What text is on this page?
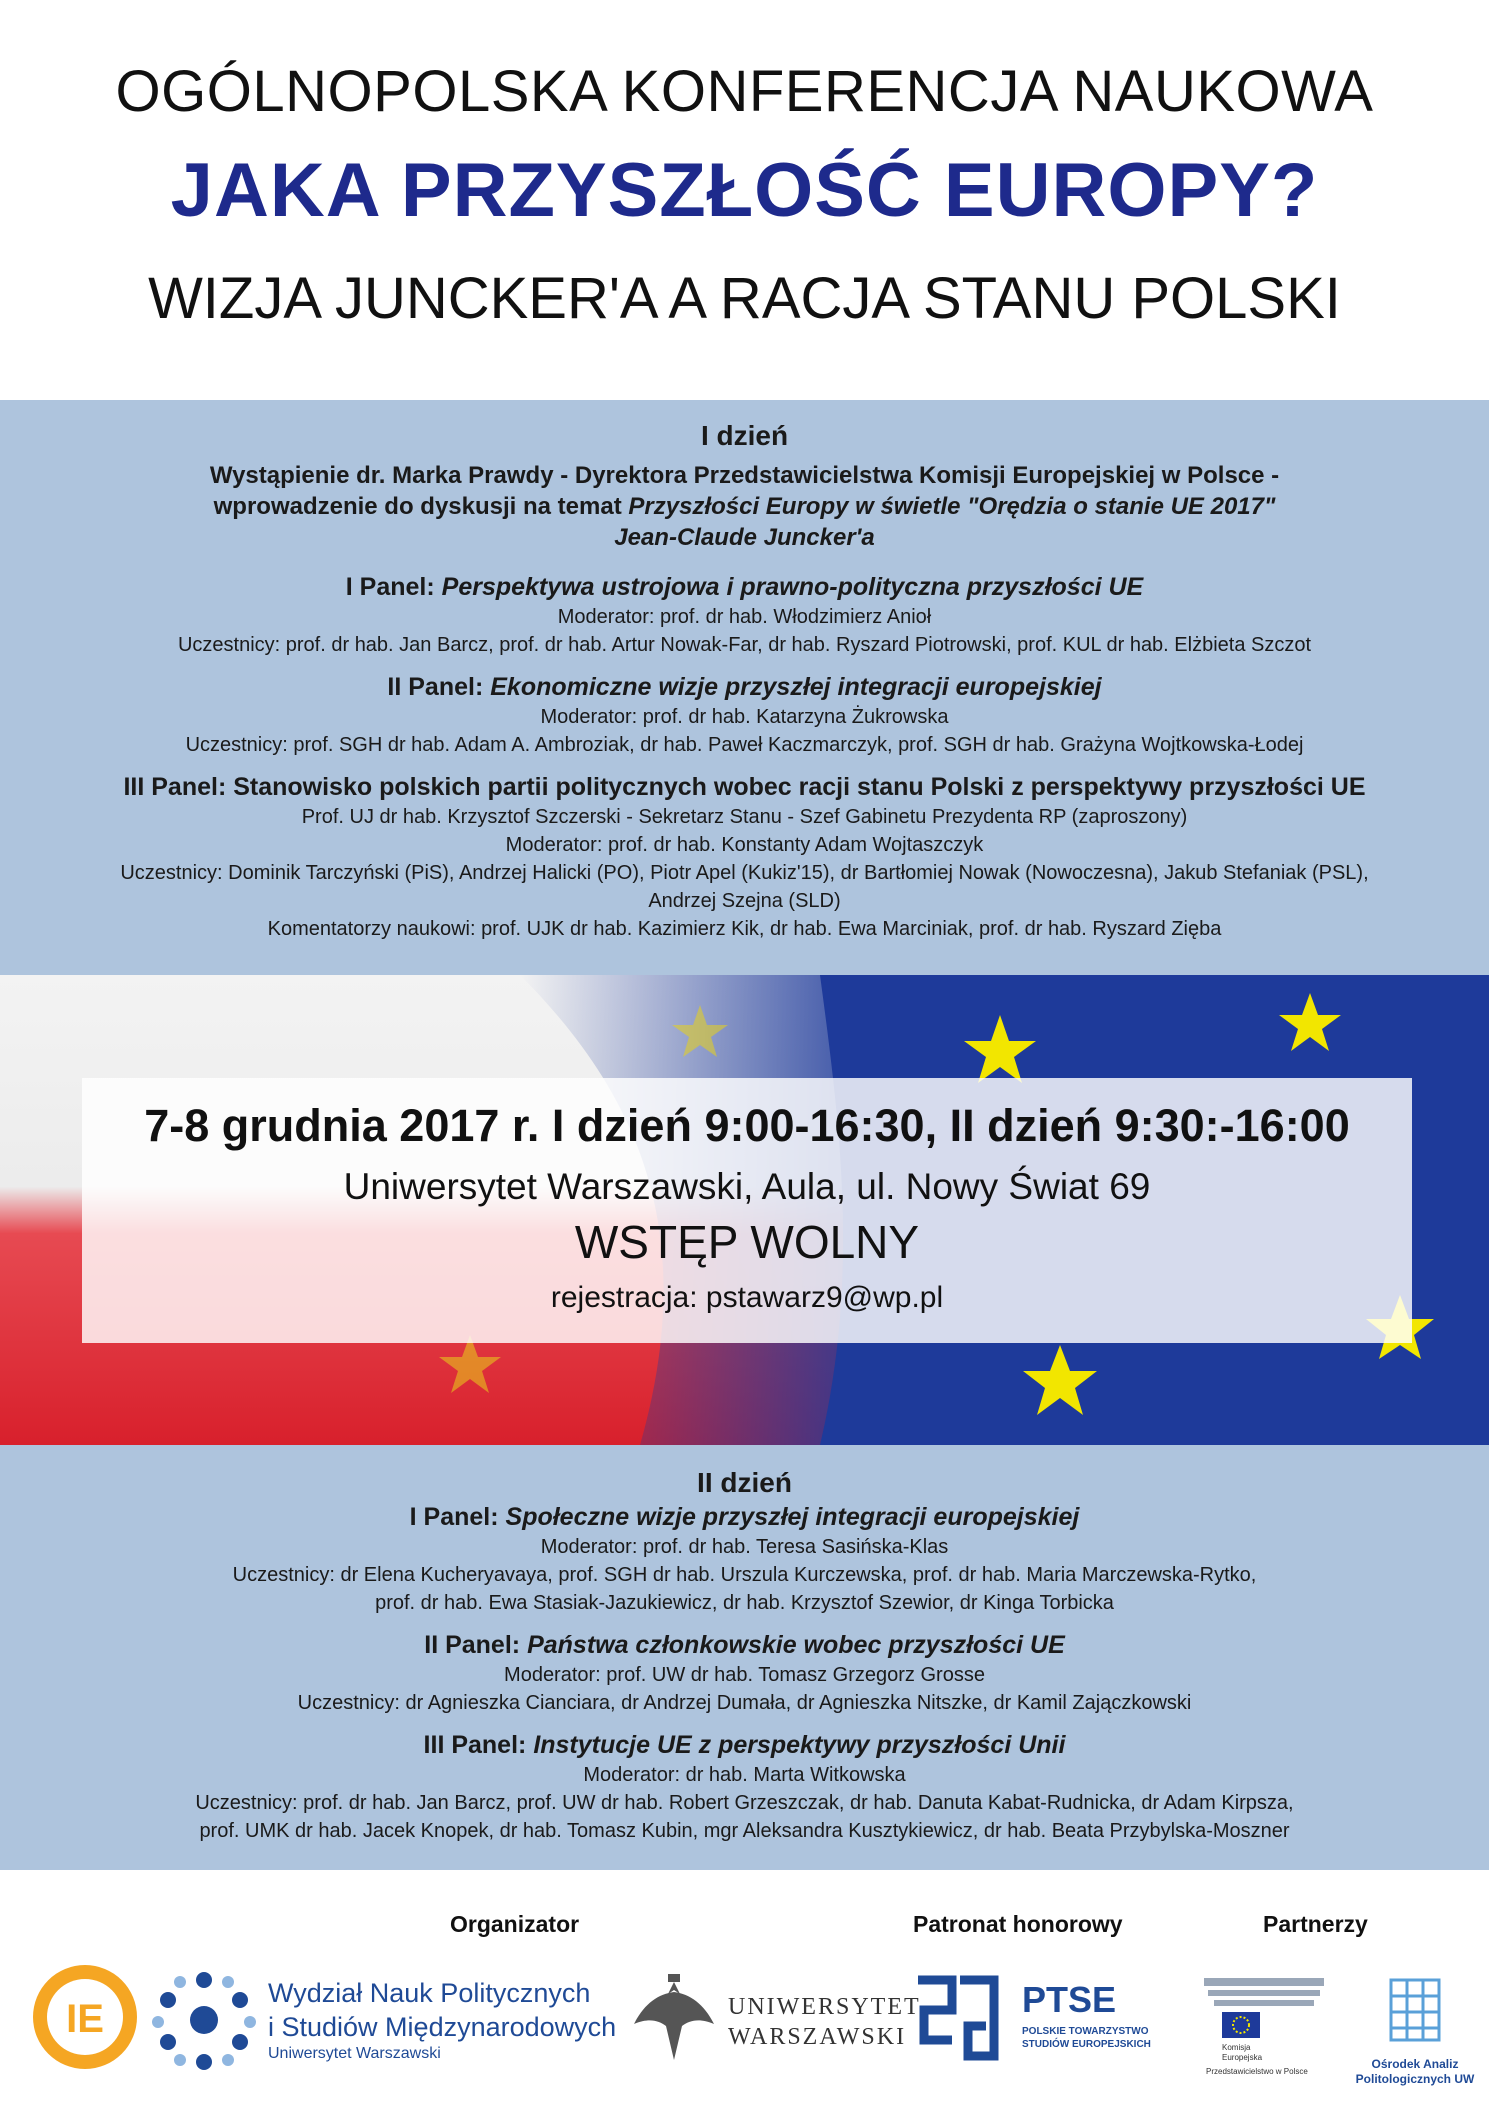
OGÓLNOPOLSKA KONFERENCJA NAUKOWA
JAKA PRZYSZŁOŚĆ EUROPY?
WIZJA JUNCKER'A A RACJA STANU POLSKI
I dzień
Wystąpienie dr. Marka Prawdy - Dyrektora Przedstawicielstwa Komisji Europejskiej w Polsce -
wprowadzenie do dyskusji na temat Przyszłości Europy w świetle "Orędzia o stanie UE 2017"
Jean-Claude Juncker'a
I Panel: Perspektywa ustrojowa i prawno-polityczna przyszłości UE
Moderator: prof. dr hab. Włodzimierz Anioł
Uczestnicy: prof. dr hab. Jan Barcz, prof. dr hab. Artur Nowak-Far, dr hab. Ryszard Piotrowski, prof. KUL dr hab. Elżbieta Szczot
II Panel: Ekonomiczne wizje przyszłej integracji europejskiej
Moderator: prof. dr hab. Katarzyna Żukrowska
Uczestnicy: prof. SGH dr hab. Adam A. Ambroziak, dr hab. Paweł Kaczmarczyk, prof. SGH dr hab. Grażyna Wojtkowska-Łodej
III Panel: Stanowisko polskich partii politycznych wobec racji stanu Polski z perspektywy przyszłości UE
Prof. UJ dr hab. Krzysztof Szczerski - Sekretarz Stanu - Szef Gabinetu Prezydenta RP (zaproszony)
Moderator: prof. dr hab. Konstanty Adam Wojtaszczyk
Uczestnicy: Dominik Tarczyński (PiS), Andrzej Halicki (PO), Piotr Apel (Kukiz'15), dr Bartłomiej Nowak (Nowoczesna), Jakub Stefaniak (PSL),
Andrzej Szejna (SLD)
Komentatorzy naukowi: prof. UJK dr hab. Kazimierz Kik, dr hab. Ewa Marciniak, prof. dr hab. Ryszard Zięba
7-8 grudnia 2017 r. I dzień 9:00-16:30, II dzień 9:30:-16:00
Uniwersytet Warszawski, Aula, ul. Nowy Świat 69
WSTĘP WOLNY
rejestracja: pstawarz9@wp.pl
II dzień
I Panel: Społeczne wizje przyszłej integracji europejskiej
Moderator: prof. dr hab. Teresa Sasińska-Klas
Uczestnicy: dr Elena Kucheryavaya, prof. SGH dr hab. Urszula Kurczewska, prof. dr hab. Maria Marczewska-Rytko,
prof. dr hab. Ewa Stasiak-Jazukiewicz, dr hab. Krzysztof Szewior, dr Kinga Torbicka
II Panel: Państwa członkowskie wobec przyszłości UE
Moderator: prof. UW dr hab. Tomasz Grzegorz Grosse
Uczestnicy: dr Agnieszka Cianciara, dr Andrzej Dumała, dr Agnieszka Nitszke, dr Kamil Zajączkowski
III Panel: Instytucje UE z perspektywy przyszłości Unii
Moderator: dr hab. Marta Witkowska
Uczestnicy: prof. dr hab. Jan Barcz, prof. UW dr hab. Robert Grzeszczak, dr hab. Danuta Kabat-Rudnicka, dr Adam Kirpsza,
prof. UMK dr hab. Jacek Knopek, dr hab. Tomasz Kubin, mgr Aleksandra Kusztykiewicz, dr hab. Beata Przybylska-Moszner
Organizator	Patronat honorowy	Partnerzy
IE
Wydział Nauk Politycznych
i Studiów Międzynarodowych
Uniwersytet Warszawski
UNIWERSYTET
WARSZAWSKI
PTSE
POLSKIE TOWARZYSTWO
STUDIÓW EUROPEJSKICH	Komisja
Europejska
Przedstawicielstwo w Polsce
Ośrodek Analiz
Politologicznych UW
